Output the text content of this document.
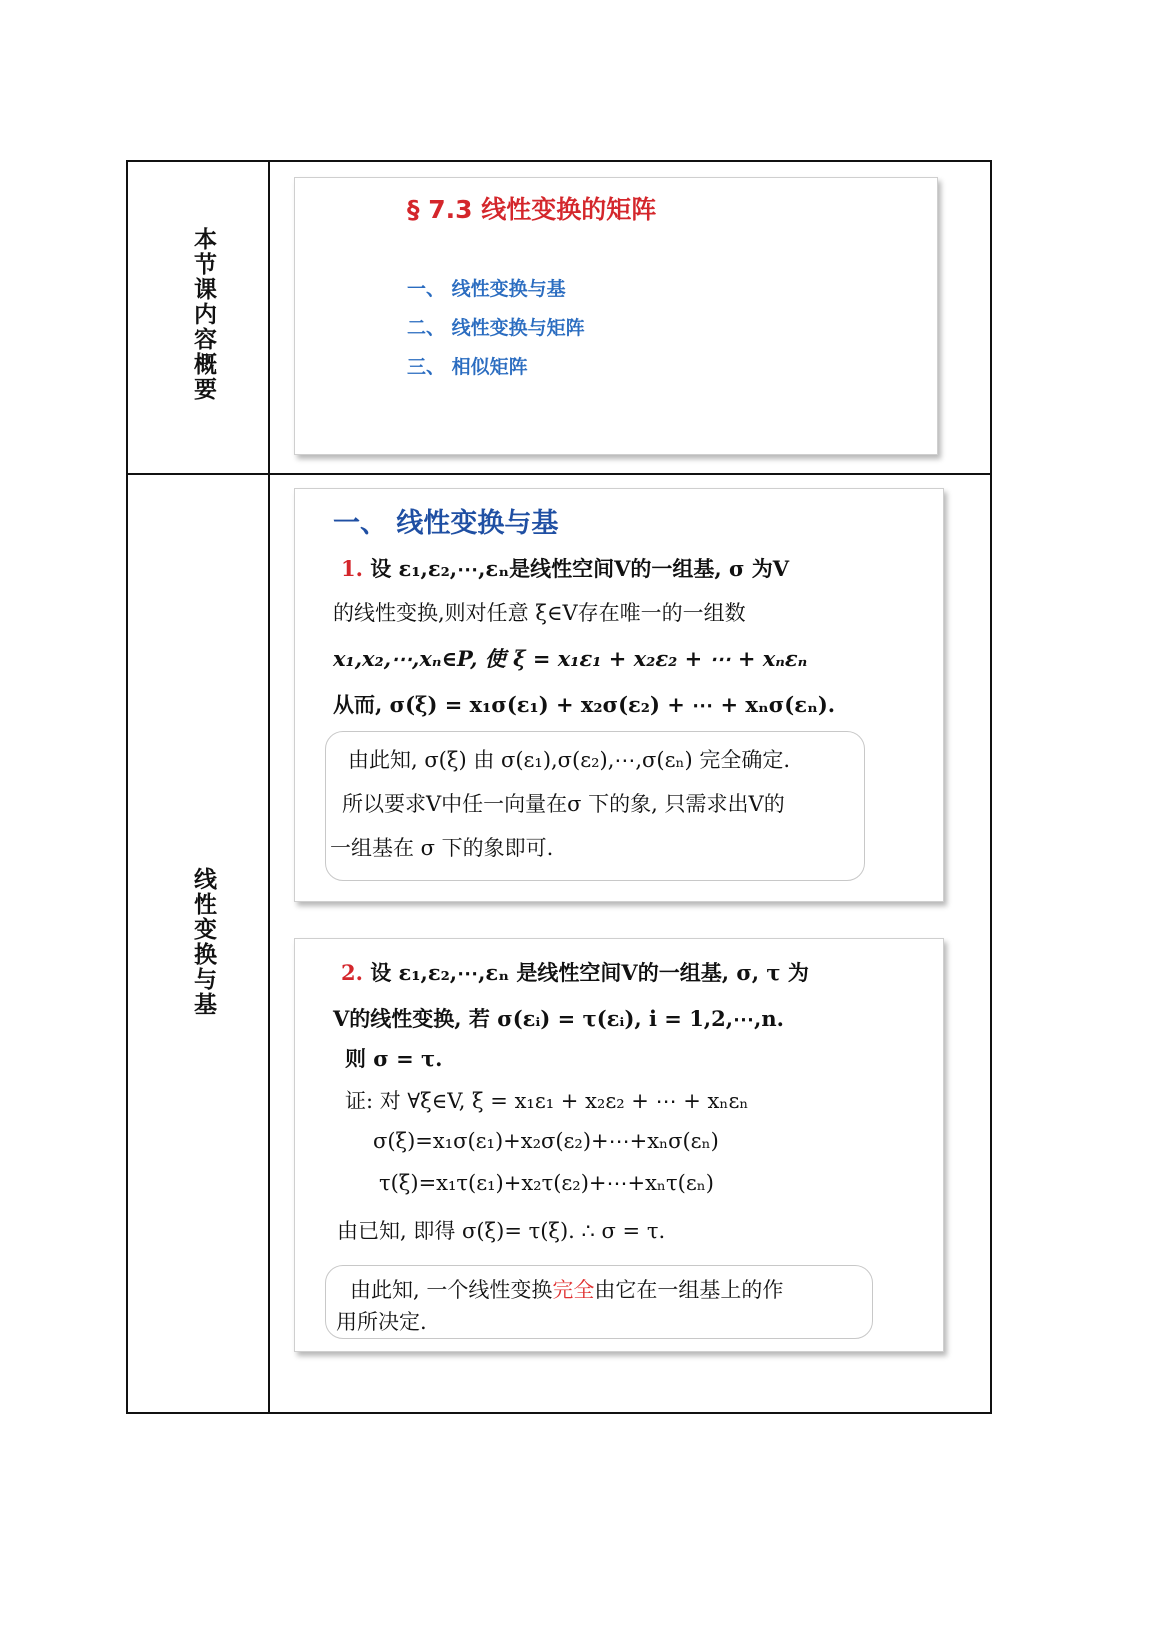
本节课内容概要
线性变换与基
§ 7.3 线性变换的矩阵
一、 线性变换与基
二、 线性变换与矩阵
三、 相似矩阵
一、 线性变换与基
1. 设 ε₁,ε₂,⋯,εₙ是线性空间V的一组基, σ 为V
的线性变换,则对任意 ξ∈V存在唯一的一组数
x₁,x₂,⋯,xₙ∈P, 使 ξ = x₁ε₁ + x₂ε₂ + ⋯ + xₙεₙ
从而, σ(ξ) = x₁σ(ε₁) + x₂σ(ε₂) + ⋯ + xₙσ(εₙ).
由此知, σ(ξ) 由 σ(ε₁),σ(ε₂),⋯,σ(εₙ) 完全确定.
所以要求V中任一向量在σ 下的象, 只需求出V的
一组基在 σ 下的象即可.
2. 设 ε₁,ε₂,⋯,εₙ 是线性空间V的一组基, σ, τ 为
V的线性变换, 若 σ(εᵢ) = τ(εᵢ), i = 1,2,⋯,n.
则 σ = τ.
证: 对 ∀ξ∈V, ξ = x₁ε₁ + x₂ε₂ + ⋯ + xₙεₙ
σ(ξ)=x₁σ(ε₁)+x₂σ(ε₂)+⋯+xₙσ(εₙ)
τ(ξ)=x₁τ(ε₁)+x₂τ(ε₂)+⋯+xₙτ(εₙ)
由已知, 即得 σ(ξ)= τ(ξ). ∴ σ = τ.
由此知, 一个线性变换完全由它在一组基上的作
用所决定.
